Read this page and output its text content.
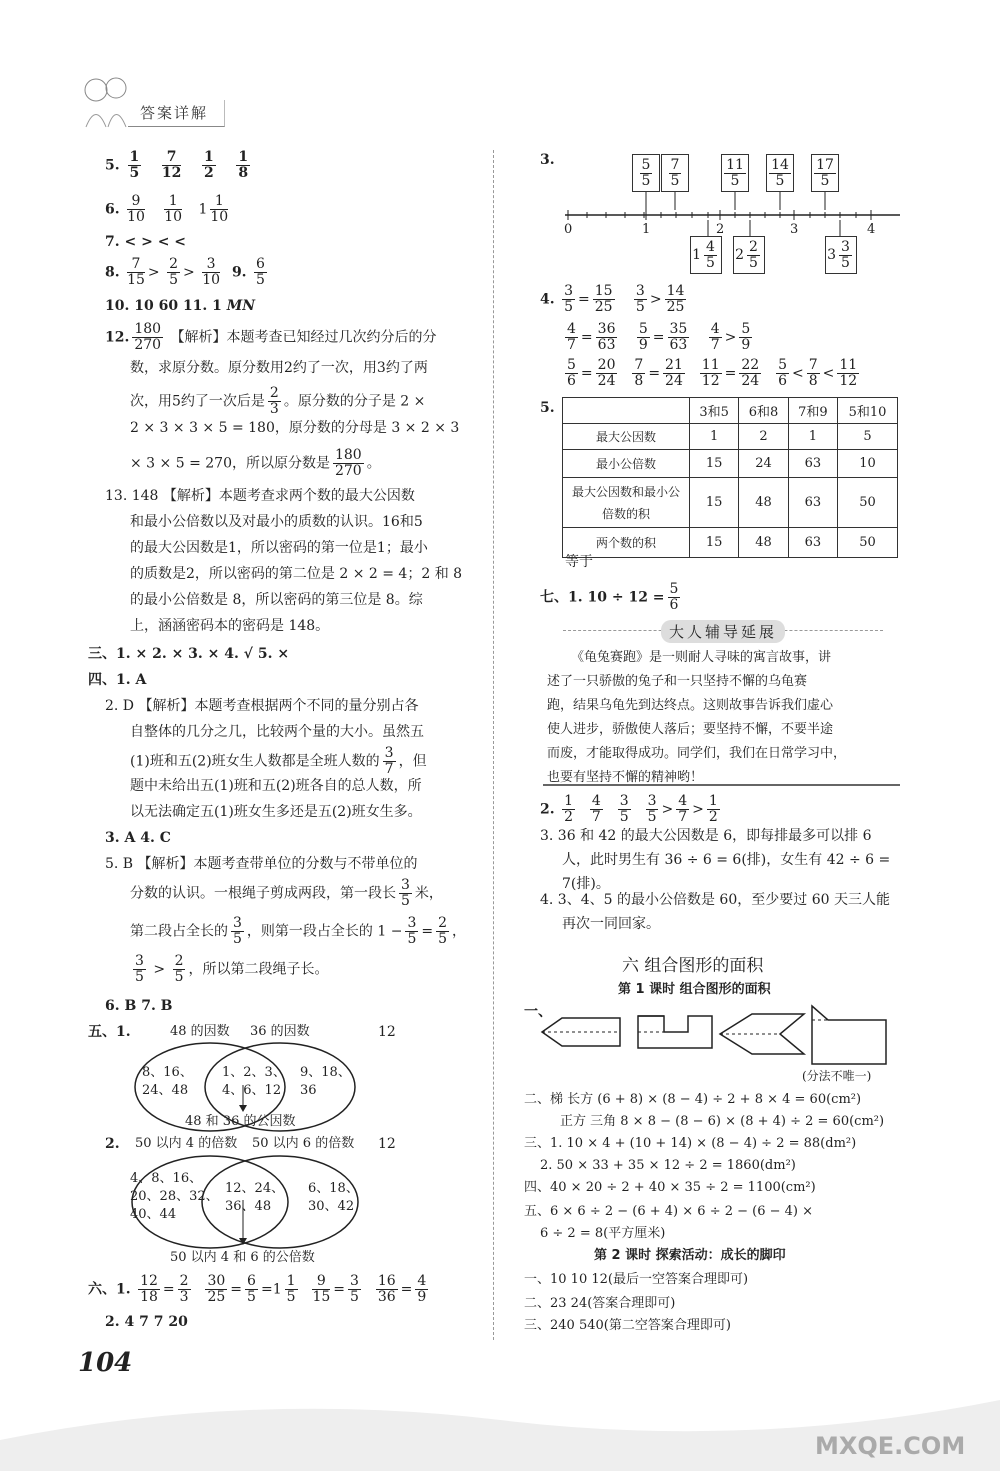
答案详解
5. $\frac{1}{5}$
$\frac{7}{12}$
$\frac{1}{2}$
$\frac{1}{8}$
6. $\frac{9}{10}$
$\frac{1}{10} 1 \frac{1}{10}$
7. < > < <
8. $\frac{7}{15} > \frac{2}{5} > \frac{3}{10} 9$. $\frac{6}{5}$
10. 10 60 11. 1 MN
12. $\frac{180}{270}$ 【解析】本题考查已知经过几次约分后的分
数，求原分数。原分数用2约了一次，用3约了两
次，用5约了一次后是 $\frac{2}{3}$ 。原分数的分子是 2 ×
2 × 3 × 3 × 5 = 180，原分数的分母是 3 × 2 × 3
× 3 × 5 = 270，所以原分数是 $\frac{180}{270}$ 。
13. 148 【解析】本题考查求两个数的最大公因数
和最小公倍数以及对最小的质数的认识。16和5
的最大公因数是1，所以密码的第一位是1；最小
的质数是2，所以密码的第二位是 2 × 2 = 4；2 和 8
的最小公倍数是 8，所以密码的第三位是 8。综
上，涵涵密码本的密码是 148。
三、1. × 2. × 3. × 4. √ 5. ×
四、1. A
2. D 【解析】本题考查根据两个不同的量分别占各
自整体的几分之几，比较两个量的大小。虽然五
(1)班和五(2)班女生人数都是全班人数的 $\frac{3}{7}$ ，但
题中未给出五(1)班和五(2)班各自的总人数，所
以无法确定五(1)班女生多还是五(2)班女生多。
3. A 4. C
5. B 【解析】本题考查带单位的分数与不带单位的
分数的认识。一根绳子剪成两段，第一段长 $\frac{3}{5}$ 米，
第二段占全长的 $\frac{3}{5}$ ，则第一段占全长的 $1 - \frac{3}{5} = \frac{2}{5}$ ，
$\frac{3}{5} > \frac{2}{5}$ ，所以第二段绳子长。
6. B 7. B
五、1.	48 的因数 36 的因数	12
8、16、
24、48
1、2、3、
4、6、12
9、18、
36
48 和 36 的公因数
2. 50 以内 4 的倍数 50 以内 6 的倍数 12
4、8、16、
20、28、32、
40、44
12、24、
36、48
6、18、
30、42
50 以内 4 和 6 的公倍数
六、1. $\frac{12}{18} = \frac{2}{3}$
$\frac{30}{25} = \frac{6}{5} =1 \frac{1}{5}$
$\frac{9}{15} = \frac{3}{5}$
$\frac{16}{36} = \frac{4}{9}$
2. 4 7 7 20
104
3.	$\frac{5}{5} \frac{7}{5}$	$\frac{11}{5} \frac{14}{5} \frac{17}{5}$
$1 \frac{4}{5} 2 \frac{2}{5}$	$3 \frac{3}{5}$
0	1	2	3	4
4. $\frac{3}{5} = \frac{15}{25}$
$\frac{3}{5} > \frac{14}{25}$
$\frac{4}{7} = \frac{36}{63}$
$\frac{5}{9} = \frac{35}{63}$
$\frac{4}{7} > \frac{5}{9}$
$\frac{5}{6} = \frac{20}{24}$
$\frac{7}{8} = \frac{21}{24}$
$\frac{11}{12} = \frac{22}{24}$
$\frac{5}{6} < \frac{7}{8} < \frac{11}{12}$
5.
		3和5	6和8	7和9	5和10
最大公因数	1	2	1	5
最小公倍数	15	24	63	10
最大公因数和最小公倍数的积	15	48	63	50
两个数的积	15	48	63	50
等于
七、1. $10 \div 12 = \frac{5}{6}$
大人辅导延展
《龟兔赛跑》是一则耐人寻味的寓言故事，讲
述了一只骄傲的兔子和一只坚持不懈的乌龟赛
跑，结果乌龟先到达终点。这则故事告诉我们虚心
使人进步，骄傲使人落后；要坚持不懈，不要半途
而废，才能取得成功。同学们，我们在日常学习中，
也要有坚持不懈的精神哟！
2. $\frac{1}{2}$
$\frac{4}{7}$
$\frac{3}{5}$
$\frac{3}{5} > \frac{4}{7} > \frac{1}{2}$
3. 36 和 42 的最大公因数是 6，即每排最多可以排 6
人，此时男生有 36 ÷ 6 = 6(排)，女生有 42 ÷ 6 =
7(排)。
4. 3、4、5 的最小公倍数是 60，至少要过 60 天三人能
再次一同回家。
六 组合图形的面积
第 1 课时 组合图形的面积
一、
(分法不唯一)
二、梯 长方 (6 + 8) × (8 − 4) ÷ 2 + 8 × 4 = 60(cm²)
正方 三角 8 × 8 − (8 − 6) × (8 + 4) ÷ 2 = 60(cm²)
三、1. 10 × 4 + (10 + 14) × (8 − 4) ÷ 2 = 88(dm²)
2. 50 × 33 + 35 × 12 ÷ 2 = 1860(dm²)
四、40 × 20 ÷ 2 + 40 × 35 ÷ 2 = 1100(cm²)
五、6 × 6 ÷ 2 − (6 + 4) × 6 ÷ 2 − (6 − 4) ×
6 ÷ 2 = 8(平方厘米)
第 2 课时 探索活动：成长的脚印
一、10 10 12(最后一空答案合理即可)
二、23 24(答案合理即可)
三、240 540(第二空答案合理即可)
MXQE.COM
